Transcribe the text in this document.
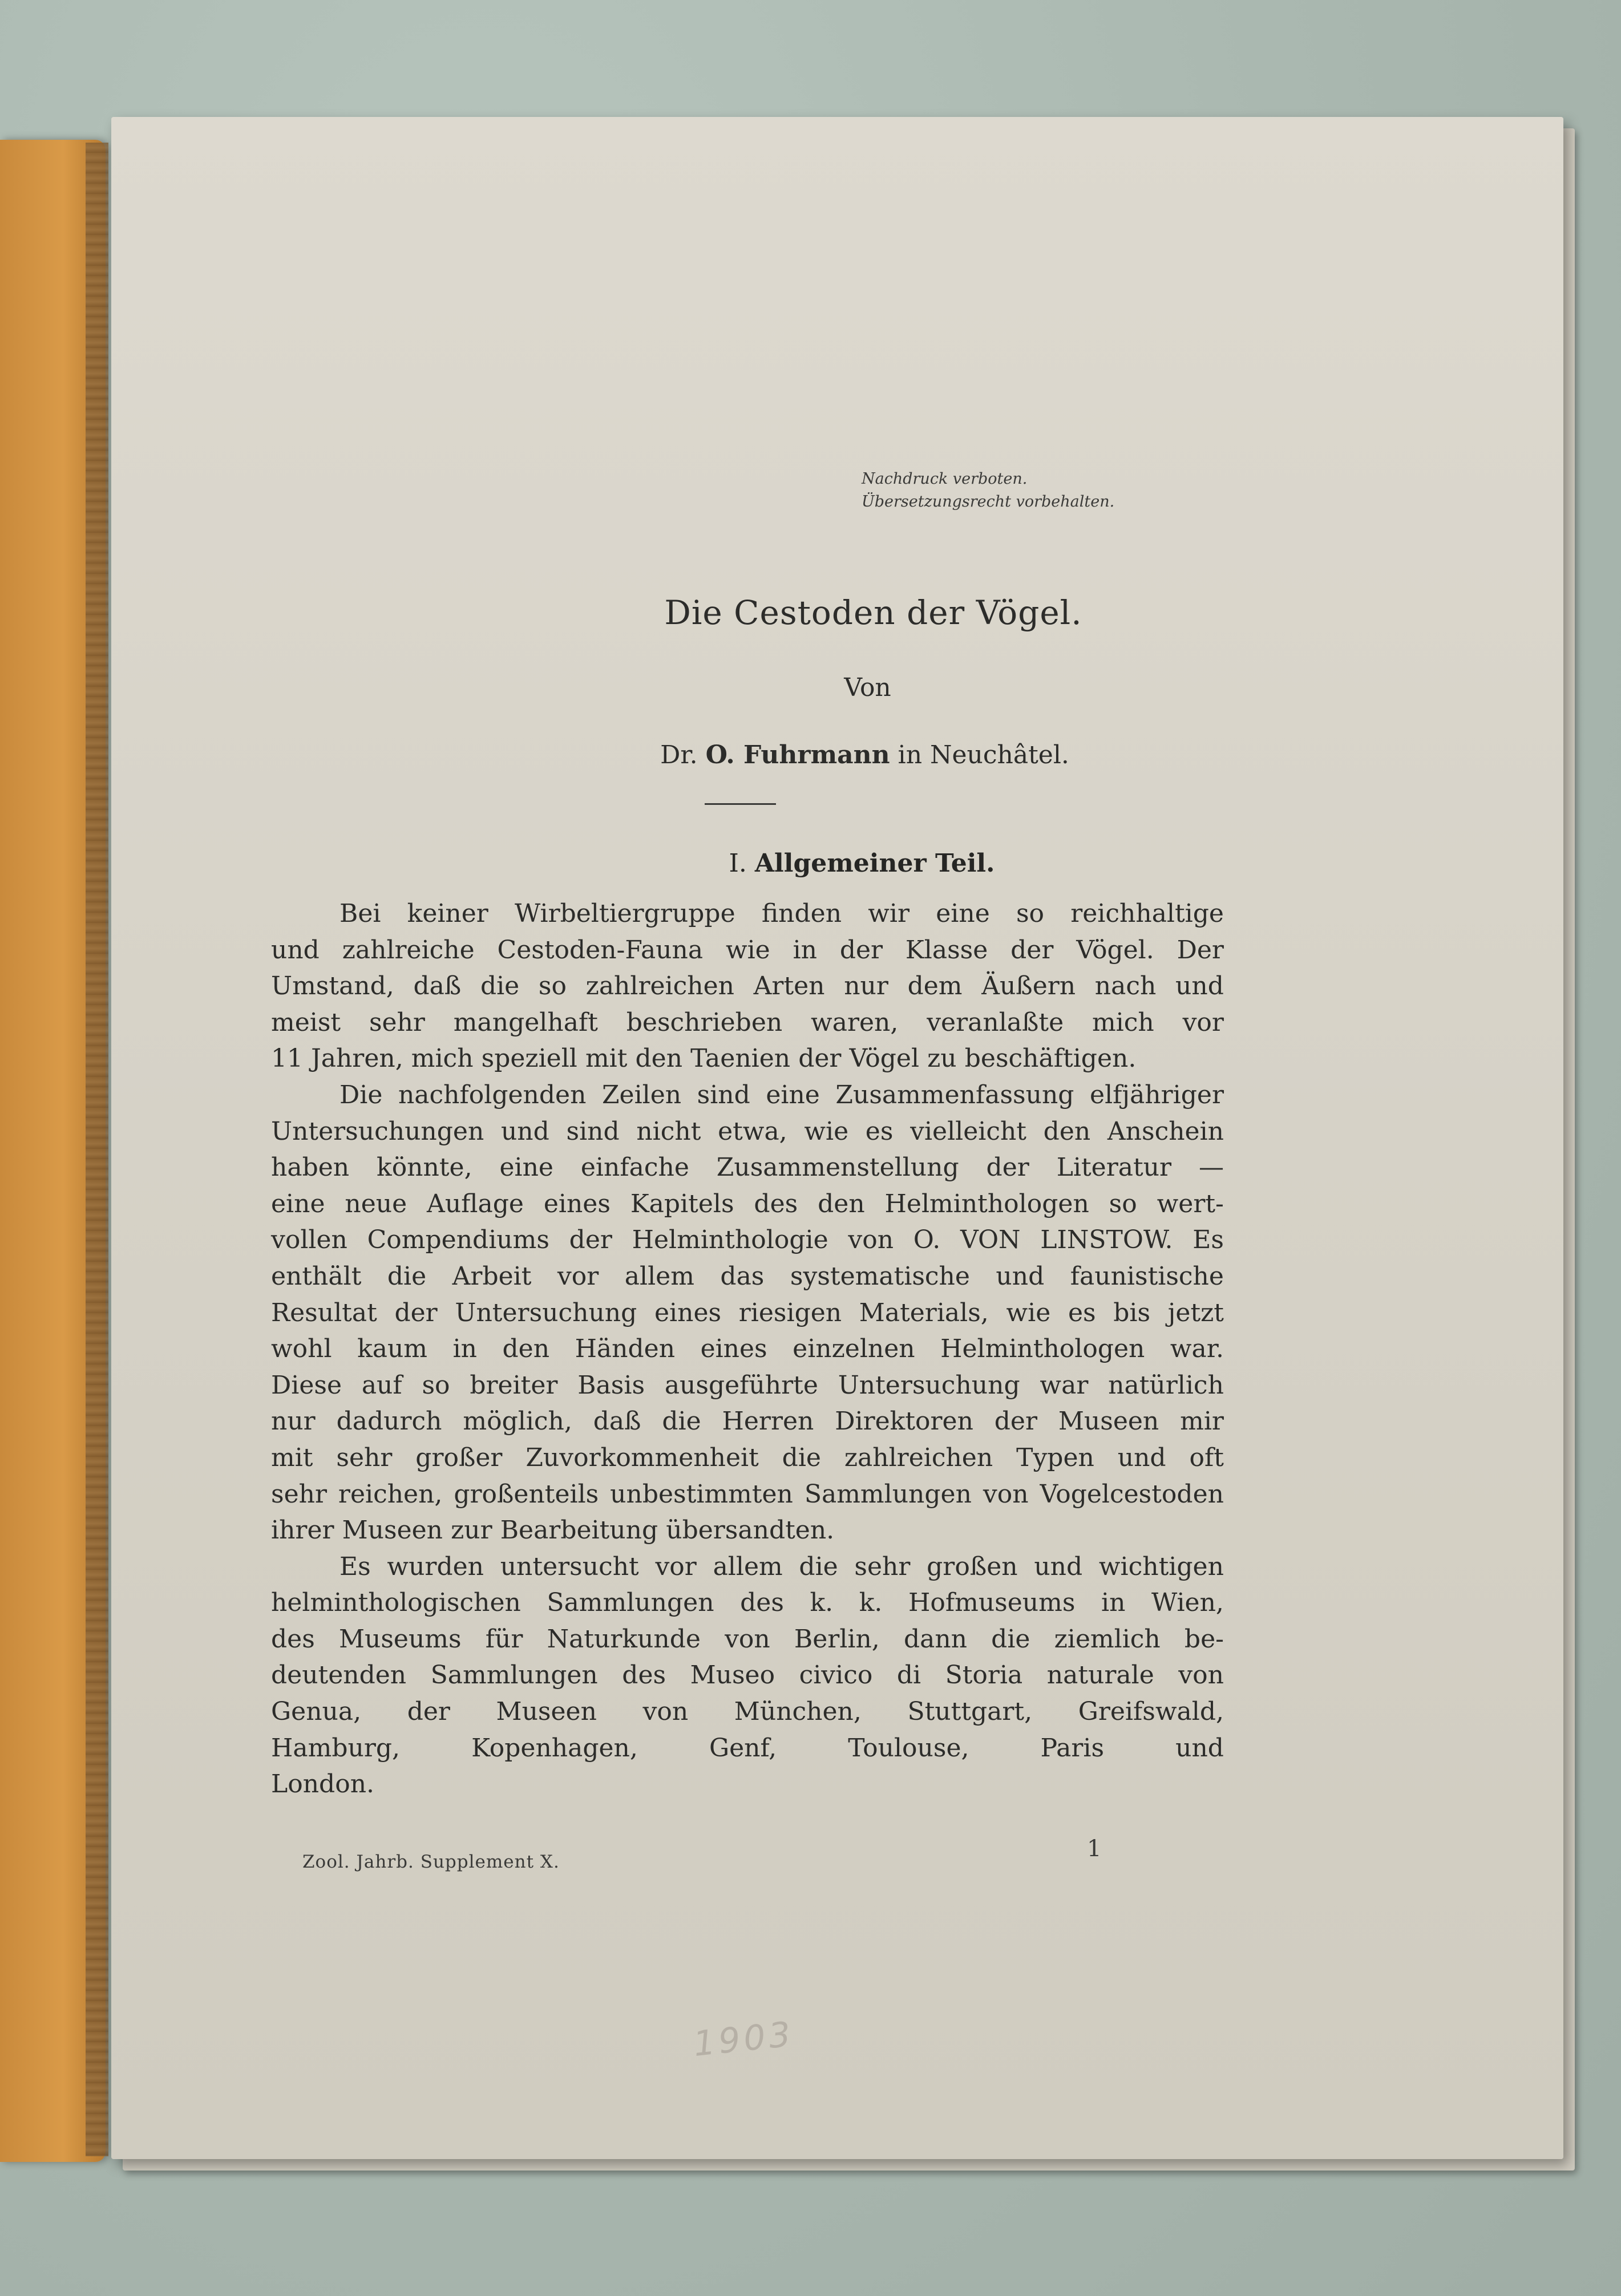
Nachdruck verboten.
Übersetzungsrecht vorbehalten.
Die Cestoden der Vögel.
Von
Dr. O. Fuhrmann in Neuchâtel.
I. Allgemeiner Teil.
Bei keiner Wirbeltiergruppe finden wir eine so reichhaltige
und zahlreiche Cestoden-Fauna wie in der Klasse der Vögel. Der
Umstand, daß die so zahlreichen Arten nur dem Äußern nach und
meist sehr mangelhaft beschrieben waren, veranlaßte mich vor
11 Jahren, mich speziell mit den Taenien der Vögel zu beschäftigen.
Die nachfolgenden Zeilen sind eine Zusammenfassung elfjähriger
Untersuchungen und sind nicht etwa, wie es vielleicht den Anschein
haben könnte, eine einfache Zusammenstellung der Literatur —
eine neue Auflage eines Kapitels des den Helminthologen so wert-
vollen Compendiums der Helminthologie von O. VON LINSTOW. Es
enthält die Arbeit vor allem das systematische und faunistische
Resultat der Untersuchung eines riesigen Materials, wie es bis jetzt
wohl kaum in den Händen eines einzelnen Helminthologen war.
Diese auf so breiter Basis ausgeführte Untersuchung war natürlich
nur dadurch möglich, daß die Herren Direktoren der Museen mir
mit sehr großer Zuvorkommenheit die zahlreichen Typen und oft
sehr reichen, großenteils unbestimmten Sammlungen von Vogelcestoden
ihrer Museen zur Bearbeitung übersandten.
Es wurden untersucht vor allem die sehr großen und wichtigen
helminthologischen Sammlungen des k. k. Hofmuseums in Wien,
des Museums für Naturkunde von Berlin, dann die ziemlich be-
deutenden Sammlungen des Museo civico di Storia naturale von
Genua, der Museen von München, Stuttgart, Greifswald,
Hamburg,	Kopenhagen,	Genf,	Toulouse,	Paris	und
London.
Zool. Jahrb. Supplement X.	1
1903
